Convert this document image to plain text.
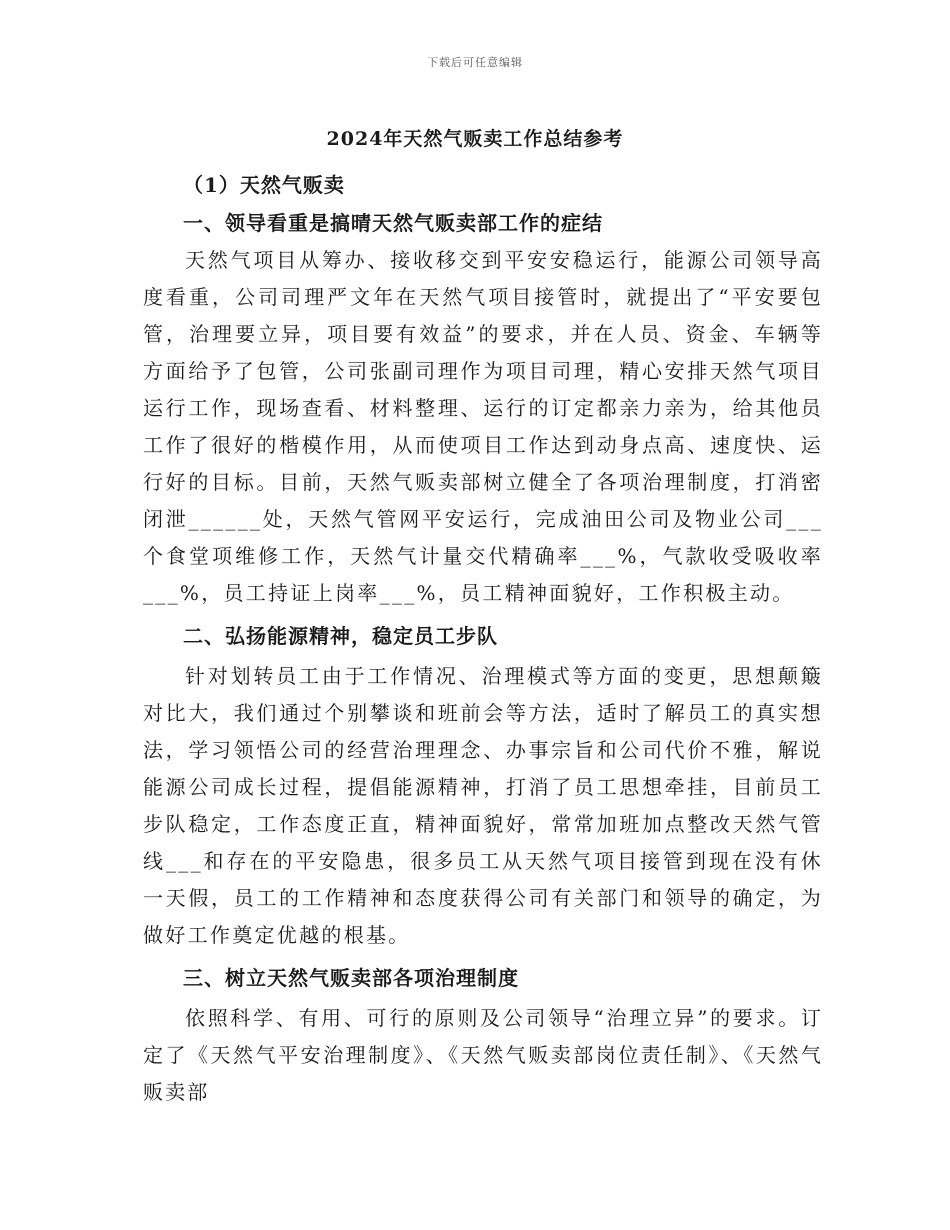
下载后可任意编辑
2024年天然气贩卖工作总结参考

（1）天然气贩卖

一、领导看重是搞晴天然气贩卖部工作的症结

天然气项目从筹办、接收移交到平安安稳运行，能源公司领导高度看重，公司司理严文年在天然气项目接管时，就提出了“平安要包管，治理要立异，项目要有效益”的要求，并在人员、资金、车辆等方面给予了包管，公司张副司理作为项目司理，精心安排天然气项目运行工作，现场查看、材料整理、运行的订定都亲力亲为，给其他员工作了很好的楷模作用，从而使项目工作达到动身点高、速度快、运行好的目标。目前，天然气贩卖部树立健全了各项治理制度，打消密闭泄______处，天然气管网平安运行，完成油田公司及物业公司___个食堂项维修工作，天然气计量交代精确率___%，气款收受吸收率___%，员工持证上岗率___%，员工精神面貌好，工作积极主动。

二、弘扬能源精神，稳定员工步队

针对划转员工由于工作情况、治理模式等方面的变更，思想颠簸对比大，我们通过个别攀谈和班前会等方法，适时了解员工的真实想法，学习领悟公司的经营治理理念、办事宗旨和公司代价不雅，解说能源公司成长过程，提倡能源精神，打消了员工思想牵挂，目前员工步队稳定，工作态度正直，精神面貌好，常常加班加点整改天然气管线___和存在的平安隐患，很多员工从天然气项目接管到现在没有休一天假，员工的工作精神和态度获得公司有关部门和领导的确定，为做好工作奠定优越的根基。

三、树立天然气贩卖部各项治理制度

依照科学、有用、可行的原则及公司领导“治理立异”的要求。订定了《天然气平安治理制度》、《天然气贩卖部岗位责任制》、《天然气贩卖部
